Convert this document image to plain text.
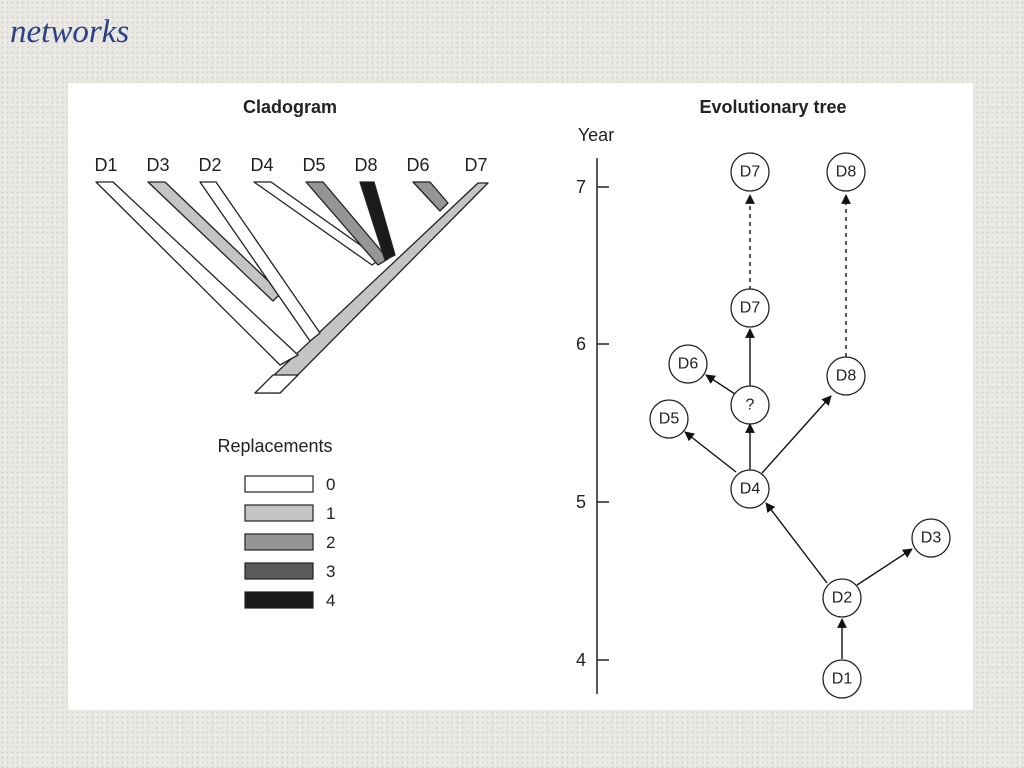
networks
Cladogram
D1 D3 D2 D4 D5 D8 D6 D7
Replacements
0
1
2
3
4
Evolutionary tree
Year
7
6
5
4
D7	D8
D7
D6
?
D8
D5
D4
D3
D2
D1
